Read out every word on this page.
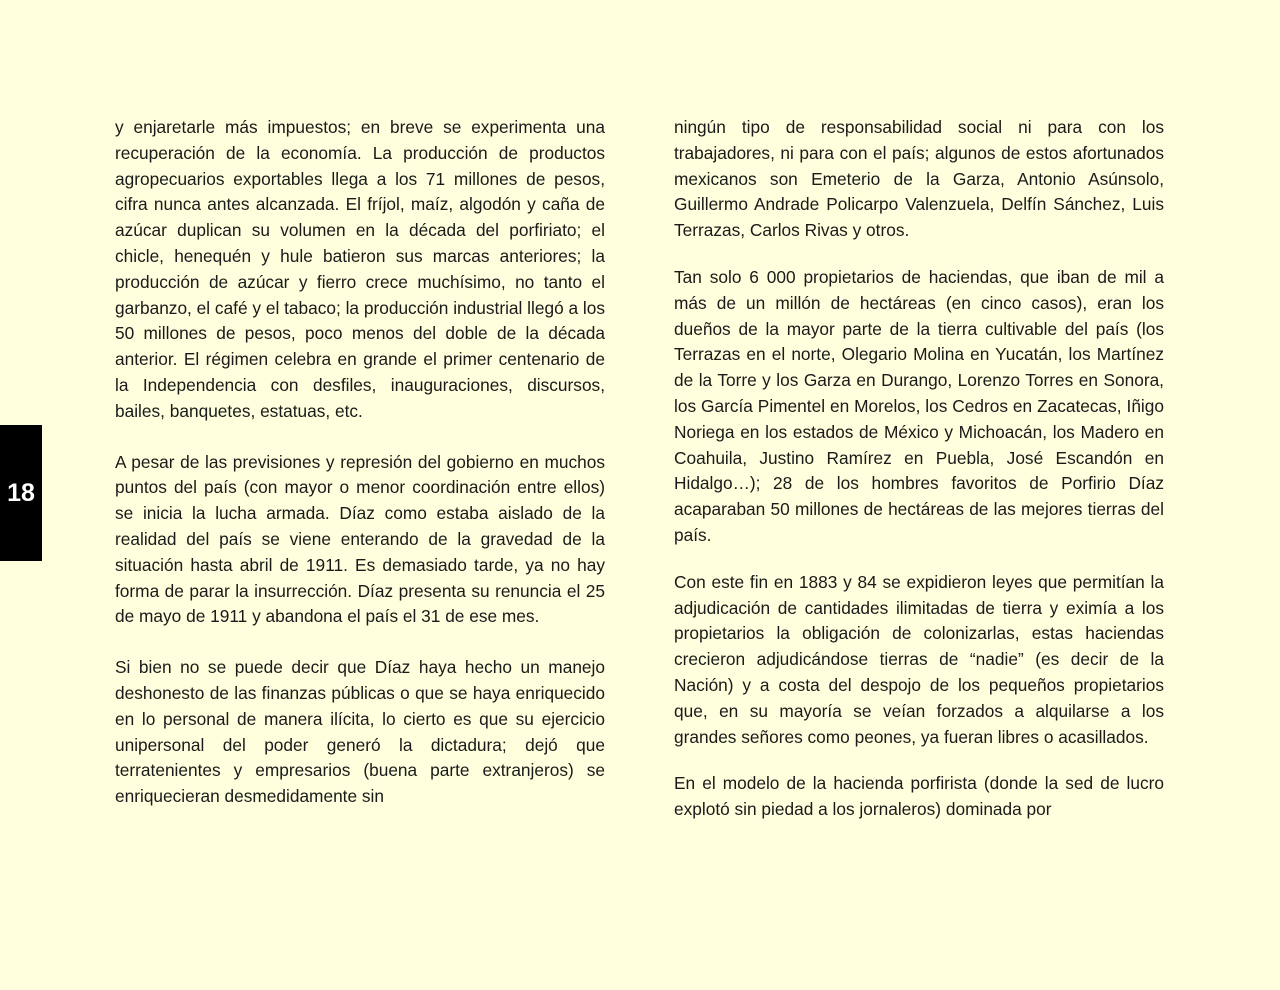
18

y enjaretarle más impuestos; en breve se experimenta una recuperación de la economía. La producción de productos agropecuarios exportables llega a los 71 millones de pesos, cifra nunca antes alcanzada. El fríjol, maíz, algodón y caña de azúcar duplican su volumen en la década del porfiriato; el chicle, henequén y hule batieron sus marcas anteriores; la producción de azúcar y fierro crece muchísimo, no tanto el garbanzo, el café y el tabaco; la producción industrial llegó a los 50 millones de pesos, poco menos del doble de la década anterior. El régimen celebra en grande el primer centenario de la Independencia con desfiles, inauguraciones, discursos, bailes, banquetes, estatuas, etc.

A pesar de las previsiones y represión del gobierno en muchos puntos del país (con mayor o menor coordinación entre ellos) se inicia la lucha armada. Díaz como estaba aislado de la realidad del país se viene enterando de la gravedad de la situación hasta abril de 1911. Es demasiado tarde, ya no hay forma de parar la insurrección. Díaz presenta su renuncia el 25 de mayo de 1911 y abandona el país el 31 de ese mes.

Si bien no se puede decir que Díaz haya hecho un manejo deshonesto de las finanzas públicas o que se haya enriquecido en lo personal de manera ilícita, lo cierto es que su ejercicio unipersonal del poder generó la dictadura; dejó que terratenientes y empresarios (buena parte extranjeros) se enriquecieran desmedidamente sin

ningún tipo de responsabilidad social ni para con los trabajadores, ni para con el país; algunos de estos afortunados mexicanos son Emeterio de la Garza, Antonio Asúnsolo, Guillermo Andrade Policarpo Valenzuela, Delfín Sánchez, Luis Terrazas, Carlos Rivas y otros.

Tan solo 6 000 propietarios de haciendas, que iban de mil a más de un millón de hectáreas (en cinco casos), eran los dueños de la mayor parte de la tierra cultivable del país (los Terrazas en el norte, Olegario Molina en Yucatán, los Martínez de la Torre y los Garza en Durango, Lorenzo Torres en Sonora, los García Pimentel en Morelos, los Cedros en Zacatecas, Iñigo Noriega en los estados de México y Michoacán, los Madero en Coahuila, Justino Ramírez en Puebla, José Escandón en Hidalgo…); 28 de los hombres favoritos de Porfirio Díaz acaparaban 50 millones de hectáreas de las mejores tierras del país.

Con este fin en 1883 y 84 se expidieron leyes que permitían la adjudicación de cantidades ilimitadas de tierra y eximía a los propietarios la obligación de colonizarlas, estas haciendas crecieron adjudicándose tierras de “nadie” (es decir de la Nación) y a costa del despojo de los pequeños propietarios que, en su mayoría se veían forzados a alquilarse a los grandes señores como peones, ya fueran libres o acasillados.

En el modelo de la hacienda porfirista (donde la sed de lucro explotó sin piedad a los jornaleros) dominada por
